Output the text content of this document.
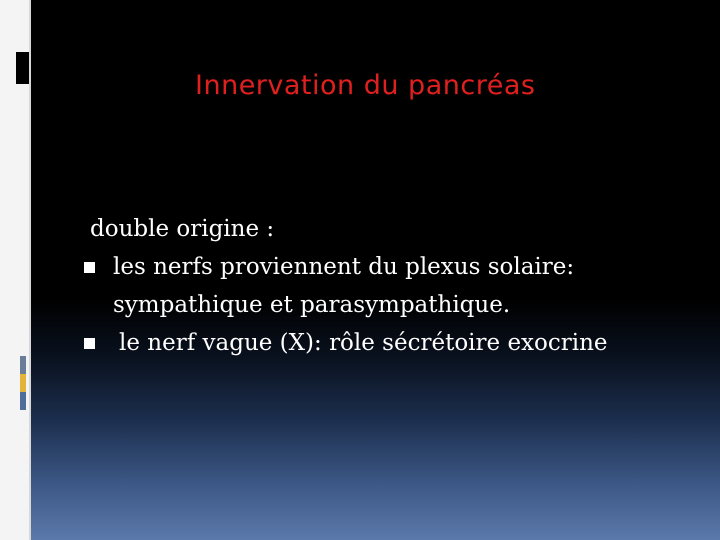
Innervation du pancréas
double origine :
les nerfs proviennent du plexus solaire:
sympathique et parasympathique.
le nerf vague (X): rôle sécrétoire exocrine
